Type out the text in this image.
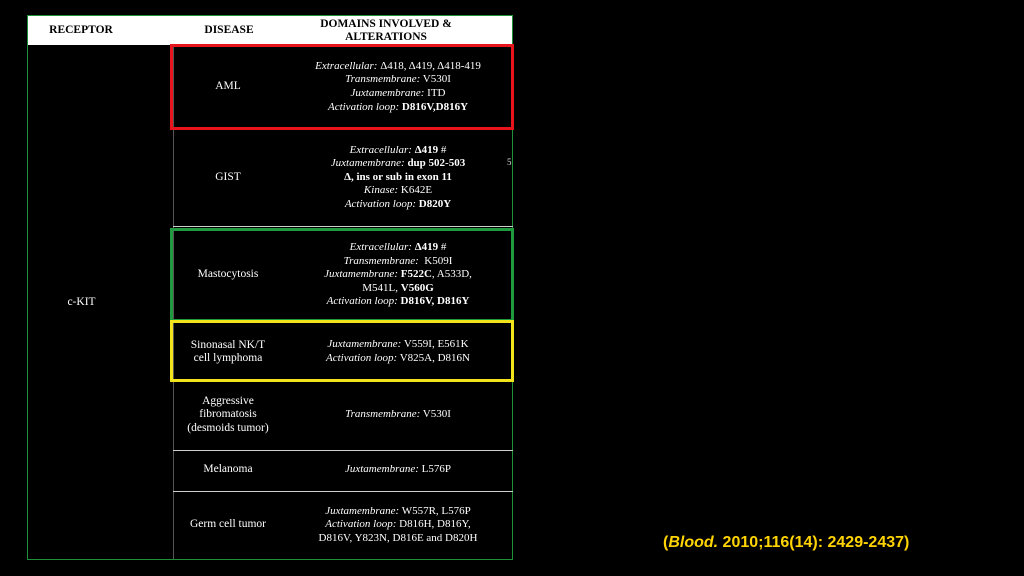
RECEPTOR	DISEASE
DOMAINS INVOLVED & ALTERATIONS
c-KIT
AML
Extracellular: Δ418, Δ419, Δ418-419
Transmembrane: V530I
Juxtamembrane: ITD
Activation loop: D816V,D816Y
GIST
Extracellular: Δ419 #
Juxtamembrane: dup 502-503
Δ, ins or sub in exon 11
Kinase: K642E
Activation loop: D820Y
Mastocytosis
Extracellular: Δ419 #
Transmembrane:  K509I
Juxtamembrane: F522C, A533D,
M541L, V560G
Activation loop: D816V, D816Y
Sinonasal NK/T
cell lymphoma
Juxtamembrane: V559I, E561K
Activation loop: V825A, D816N
Aggressive
fibromatosis
(desmoids tumor)
Transmembrane: V530I
Melanoma	Juxtamembrane: L576P
Germ cell tumor
Juxtamembrane: W557R, L576P
Activation loop: D816H, D816Y,
D816V, Y823N, D816E and D820H
5
(Blood. 2010;116(14): 2429-2437)
